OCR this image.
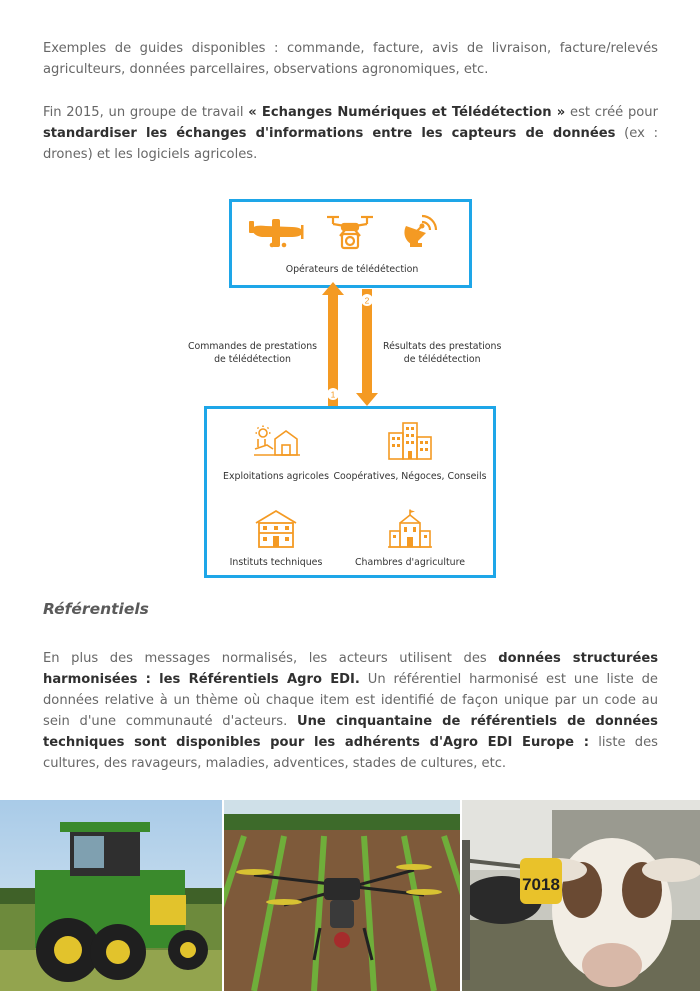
Exemples de guides disponibles : commande, facture, avis de livraison, facture/relevés agriculteurs, données parcellaires, observations agronomiques, etc.

Fin 2015, un groupe de travail « Echanges Numériques et Télédétection » est créé pour standardiser les échanges d'informations entre les capteurs de données (ex : drones) et les logiciels agricoles.

Opérateurs de télédétection
1
2
Commandes de prestations
de télédétection
Résultats des prestations
de télédétection
Exploitations agricoles Coopératives, Négoces, Conseils
Instituts techniques	Chambres d'agriculture
Référentiels

En plus des messages normalisés, les acteurs utilisent des données structurées harmonisées : les Référentiels Agro EDI. Un référentiel harmonisé est une liste de données relative à un thème où chaque item est identifié de façon unique par un code au sein d'une communauté d'acteurs. Une cinquantaine de référentiels de données techniques sont disponibles pour les adhérents d'Agro EDI Europe : liste des cultures, des ravageurs, maladies, adventices, stades de cultures, etc.

7018
